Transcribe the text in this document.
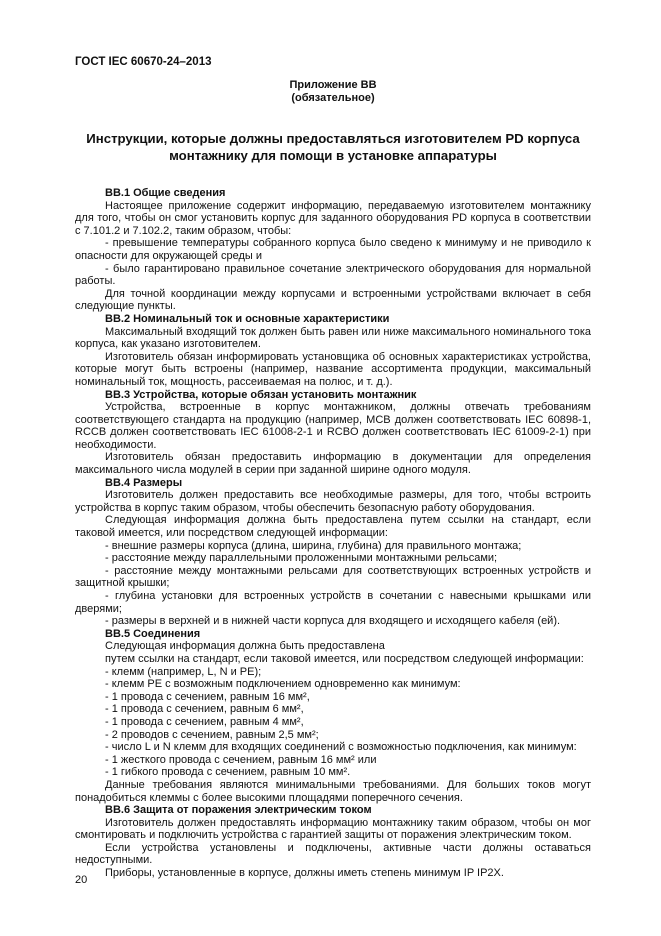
ГОСТ IEC 60670-24–2013
Приложение ВВ
(обязательное)
Инструкции, которые должны предоставляться изготовителем PD корпуса монтажнику для помощи в установке аппаратуры

ВВ.1 Общие сведения

Настоящее приложение содержит информацию, передаваемую изготовителем монтажнику для того, чтобы он смог установить корпус для заданного оборудования PD корпуса в соответствии с 7.101.2 и 7.102.2, таким образом, чтобы:

- превышение температуры собранного корпуса было сведено к минимуму и не приводило к опасности для окружающей среды и

- было гарантировано правильное сочетание электрического оборудования для нормальной работы.

Для точной координации между корпусами и встроенными устройствами включает в себя следующие пункты.

ВВ.2 Номинальный ток и основные характеристики

Максимальный входящий ток должен быть равен или ниже максимального номинального тока корпуса, как указано изготовителем.

Изготовитель обязан информировать установщика об основных характеристиках устройства, которые могут быть встроены (например, название ассортимента продукции, максимальный номинальный ток, мощность, рассеиваемая на полюс, и т. д.).

ВВ.3 Устройства, которые обязан установить монтажник

Устройства, встроенные в корпус монтажником, должны отвечать требованиям соответствующего стандарта на продукцию (например, МСВ должен соответствовать IEC 60898-1, RCCB должен соответствовать IEC 61008-2-1 и RCBO должен соответствовать IEC 61009-2-1) при необходимости.

Изготовитель обязан предоставить информацию в документации для определения максимального числа модулей в серии при заданной ширине одного модуля.

ВВ.4 Размеры

Изготовитель должен предоставить все необходимые размеры, для того, чтобы встроить устройства в корпус таким образом, чтобы обеспечить безопасную работу оборудования.

Следующая информация должна быть предоставлена путем ссылки на стандарт, если таковой имеется, или посредством следующей информации:

- внешние размеры корпуса (длина, ширина, глубина) для правильного монтажа;

- расстояние между параллельными проложенными монтажными рельсами;

- расстояние между монтажными рельсами для соответствующих встроенных устройств и защитной крышки;

- глубина установки для встроенных устройств в сочетании с навесными крышками или дверями;

- размеры в верхней и в нижней части корпуса для входящего и исходящего кабеля (ей).

ВВ.5 Соединения

Следующая информация должна быть предоставлена

путем ссылки на стандарт, если таковой имеется, или посредством следующей информации:

- клемм (например, L, N и PE);

- клемм PE с возможным подключением одновременно как минимум:

- 1 провода с сечением, равным 16 мм²,

- 1 провода с сечением, равным 6 мм²,

- 1 провода с сечением, равным 4 мм²,

- 2 проводов с сечением, равным 2,5 мм²;

- число L и N клемм для входящих соединений с возможностью подключения, как минимум:

- 1 жесткого провода с сечением, равным 16 мм² или

- 1 гибкого провода с сечением, равным 10 мм².

Данные требования являются минимальными требованиями. Для больших токов могут понадобиться клеммы с более высокими площадями поперечного сечения.

ВВ.6 Защита от поражения электрическим током

Изготовитель должен предоставлять информацию монтажнику таким образом, чтобы он мог смонтировать и подключить устройства с гарантией защиты от поражения электрическим током.

Если устройства установлены и подключены, активные части должны оставаться недоступными.

Приборы, установленные в корпусе, должны иметь степень минимум IP IP2X.

20
